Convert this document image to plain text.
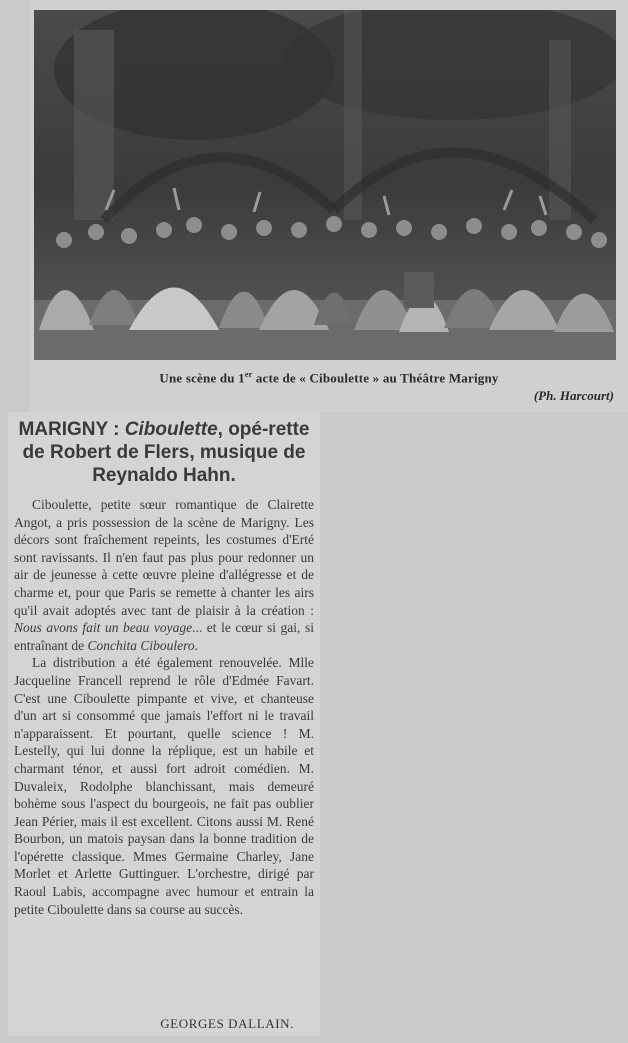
Une scène du 1er acte de « Ciboulette » au Théâtre Marigny
(Ph. Harcourt)
MARIGNY : Ciboulette, opé-rette de Robert de Flers, musique de Reynaldo Hahn.

Ciboulette, petite sœur romantique de Clairette Angot, a pris possession de la scène de Marigny. Les décors sont fraîchement repeints, les costumes d'Erté sont ravissants. Il n'en faut pas plus pour redonner un air de jeunesse à cette œuvre pleine d'allégresse et de charme et, pour que Paris se remette à chanter les airs qu'il avait adoptés avec tant de plaisir à la création : Nous avons fait un beau voyage... et le cœur si gai, si entraînant de Conchita Ciboulero.

La distribution a été également renouvelée. Mlle Jacqueline Francell reprend le rôle d'Edmée Favart. C'est une Ciboulette pimpante et vive, et chanteuse d'un art si consommé que jamais l'effort ni le travail n'apparaissent. Et pourtant, quelle science ! M. Lestelly, qui lui donne la réplique, est un habile et charmant ténor, et aussi fort adroit comédien. M. Duvaleix, Rodolphe blanchissant, mais demeuré bohème sous l'aspect du bourgeois, ne fait pas oublier Jean Périer, mais il est excellent. Citons aussi M. René Bourbon, un matois paysan dans la bonne tradition de l'opérette classique. Mmes Germaine Charley, Jane Morlet et Arlette Guttinguer. L'orchestre, dirigé par Raoul Labis, accompagne avec humour et entrain la petite Ciboulette dans sa course au succès.

GEORGES DALLAIN.
